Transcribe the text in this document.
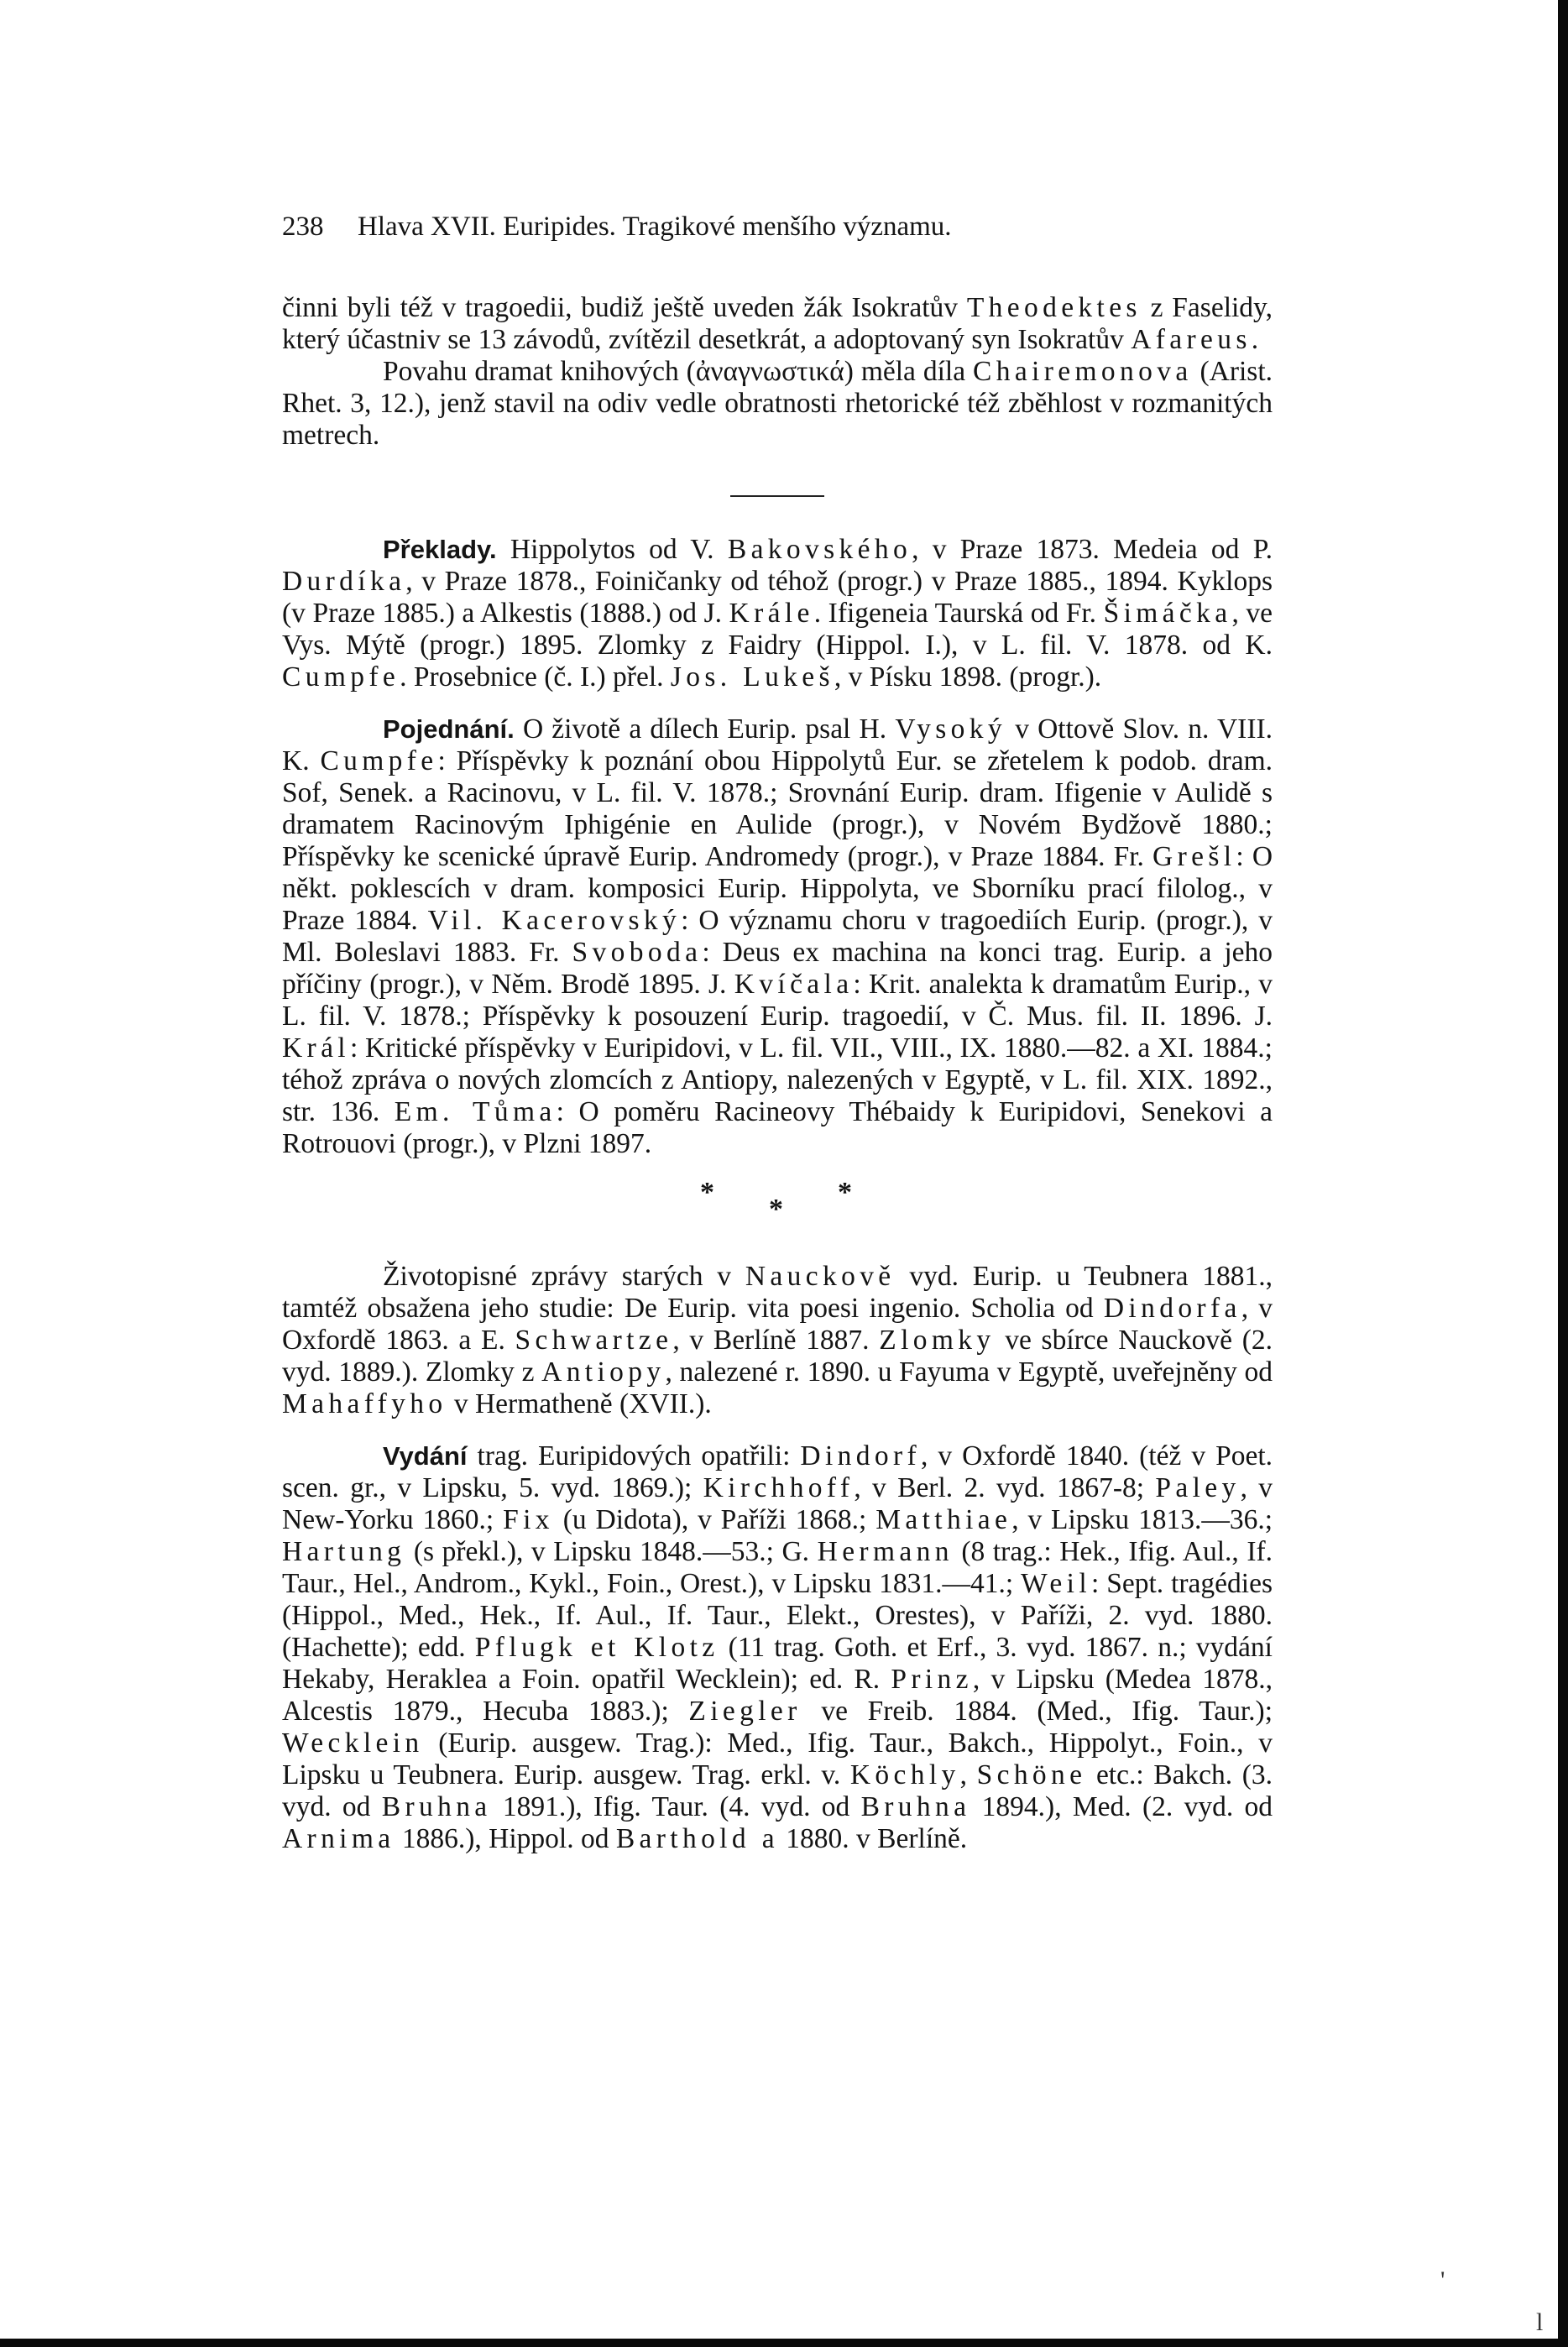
238 Hlava XVII. Euripides. Tragikové menšího významu.

činni byli též v tragoedii, budiž ještě uveden žák Isokratův Theodektes z Faselidy, který účastniv se 13 závodů, zvítězil desetkrát, a adoptovaný syn Isokratův Afareus.

Povahu dramat knihových (ἀναγνωστικά) měla díla Chairemonova (Arist. Rhet. 3, 12.), jenž stavil na odiv vedle obratnosti rhetorické též zběhlost v rozmanitých metrech.

Překlady. Hippolytos od V. Bakovského, v Praze 1873. Medeia od P. Durdíka, v Praze 1878., Foiničanky od téhož (progr.) v Praze 1885., 1894. Kyklops (v Praze 1885.) a Alkestis (1888.) od J. Krále. Ifigeneia Taurská od Fr. Šimáčka, ve Vys. Mýtě (progr.) 1895. Zlomky z Faidry (Hippol. I.), v L. fil. V. 1878. od K. Cumpfe. Prosebnice (č. I.) přel. Jos. Lukeš, v Písku 1898. (progr.).

Pojednání. O životě a dílech Eurip. psal H. Vysoký v Ottově Slov. n. VIII. K. Cumpfe: Příspěvky k poznání obou Hippolytů Eur. se zřetelem k podob. dram. Sof, Senek. a Racinovu, v L. fil. V. 1878.; Srovnání Eurip. dram. Ifigenie v Aulidě s dramatem Racinovým Iphigénie en Aulide (progr.), v Novém Bydžově 1880.; Příspěvky ke scenické úpravě Eurip. Andromedy (progr.), v Praze 1884. Fr. Grešl: O někt. poklescích v dram. komposici Eurip. Hippolyta, ve Sborníku prací filolog., v Praze 1884. Vil. Kacerovský: O významu choru v tragoediích Eurip. (progr.), v Ml. Boleslavi 1883. Fr. Svoboda: Deus ex machina na konci trag. Eurip. a jeho příčiny (progr.), v Něm. Brodě 1895. J. Kvíčala: Krit. analekta k dramatům Eurip., v L. fil. V. 1878.; Příspěvky k posouzení Eurip. tragoedií, v Č. Mus. fil. II. 1896. J. Král: Kritické příspěvky v Euripidovi, v L. fil. VII., VIII., IX. 1880.—82. a XI. 1884.; téhož zpráva o nových zlomcích z Antiopy, nalezených v Egyptě, v L. fil. XIX. 1892., str. 136. Em. Tůma: O poměru Racineovy Thébaidy k Euripidovi, Senekovi a Rotrouovi (progr.), v Plzni 1897.

*
*
*

Životopisné zprávy starých v Nauckově vyd. Eurip. u Teubnera 1881., tamtéž obsažena jeho studie: De Eurip. vita poesi ingenio. Scholia od Dindorfa, v Oxfordě 1863. a E. Schwartze, v Berlíně 1887. Zlomky ve sbírce Nauckově (2. vyd. 1889.). Zlomky z Antiopy, nalezené r. 1890. u Fayuma v Egyptě, uveřejněny od Mahaffyho v Hermatheně (XVII.).

Vydání trag. Euripidových opatřili: Dindorf, v Oxfordě 1840. (též v Poet. scen. gr., v Lipsku, 5. vyd. 1869.); Kirchhoff, v Berl. 2. vyd. 1867-8; Paley, v New-Yorku 1860.; Fix (u Didota), v Paříži 1868.; Matthiae, v Lipsku 1813.—36.; Hartung (s překl.), v Lipsku 1848.—53.; G. Hermann (8 trag.: Hek., Ifig. Aul., If. Taur., Hel., Androm., Kykl., Foin., Orest.), v Lipsku 1831.—41.; Weil: Sept. tragédies (Hippol., Med., Hek., If. Aul., If. Taur., Elekt., Orestes), v Paříži, 2. vyd. 1880. (Hachette); edd. Pflugk et Klotz (11 trag. Goth. et Erf., 3. vyd. 1867. n.; vydání Hekaby, Heraklea a Foin. opatřil Wecklein); ed. R. Prinz, v Lipsku (Medea 1878., Alcestis 1879., Hecuba 1883.); Ziegler ve Freib. 1884. (Med., Ifig. Taur.); Wecklein (Eurip. ausgew. Trag.): Med., Ifig. Taur., Bakch., Hippolyt., Foin., v Lipsku u Teubnera. Eurip. ausgew. Trag. erkl. v. Köchly, Schöne etc.: Bakch. (3. vyd. od Bruhna 1891.), Ifig. Taur. (4. vyd. od Bruhna 1894.), Med. (2. vyd. od Arnima 1886.), Hippol. od Barthold a 1880. v Berlíně.

'
l
